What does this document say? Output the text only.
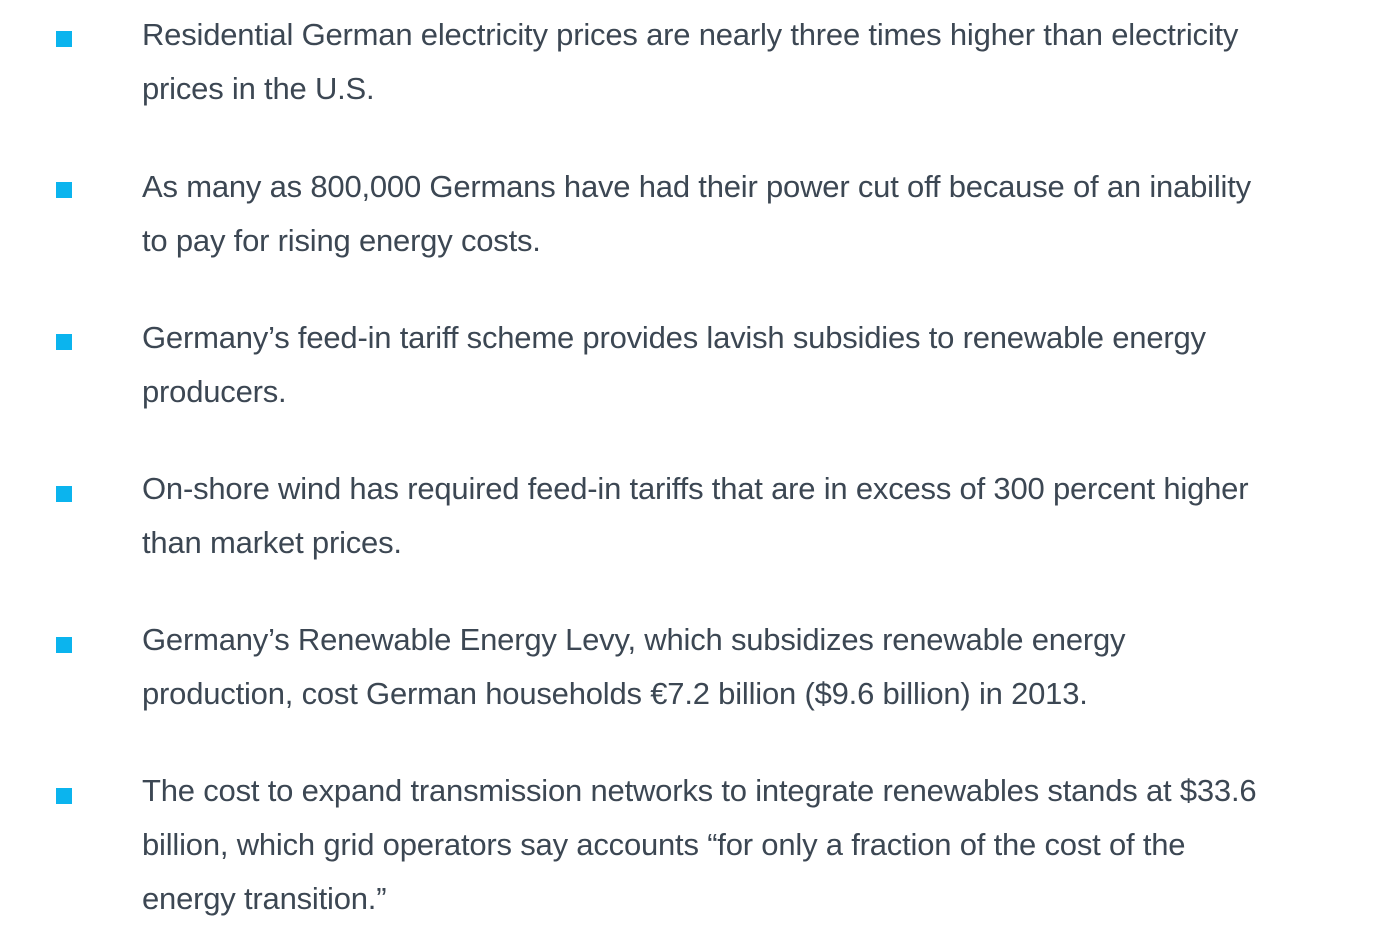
Residential German electricity prices are nearly three times higher than electricity
prices in the U.S.

As many as 800,000 Germans have had their power cut off because of an inability
to pay for rising energy costs.

Germany’s feed-in tariff scheme provides lavish subsidies to renewable energy
producers.

On-shore wind has required feed-in tariffs that are in excess of 300 percent higher
than market prices.

Germany’s Renewable Energy Levy, which subsidizes renewable energy
production, cost German households €7.2 billion ($9.6 billion) in 2013.

The cost to expand transmission networks to integrate renewables stands at $33.6
billion, which grid operators say accounts “for only a fraction of the cost of the
energy transition.”
